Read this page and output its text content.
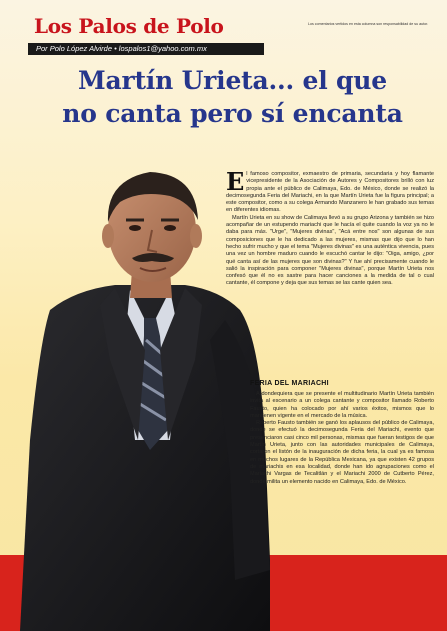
Los Palos de Polo	Los comentarios vertidos en esta columna son responsabilidad de su autor.
Por Polo López Alvirde • lospalos1@yahoo.com.mx
Martín Urieta... el que
no canta pero sí encanta
E l famoso compositor, exmaestro de primaria, secundaria y hoy flamante vicepresidente de la Asociación de Autores y Compositores brilló con luz propia ante el público de Calimaya, Edo. de México, donde se realizó la decimosegunda Feria del Mariachi, en la que Martín Urieta fue la figura principal; a este compositor, como a su colega Armando Manzanero le han grabado sus temas en diferentes idiomas.

Martín Urieta en su show de Calimaya llevó a su grupo Arizona y también se hizo acompañar de un estupendo mariachi que le hacía el quite cuando la voz ya no le daba para más. "Urge", "Mujeres divinas", "Acá entre nos" son algunas de sus composiciones que le ha dedicado a las mujeres, mismas que dijo que lo han hecho sufrir mucho y que el tema "Mujeres divinas" es una auténtica vivencia, pues una vez un hombre maduro cuando le escuchó cantar le dijo: "Oiga, amigo, ¿por qué canta así de las mujeres que son divinas?" Y fue ahí precisamente cuando le salió la inspiración para componer "Mujeres divinas", porque Martín Urieta nos confesó que él no es sastre para hacer canciones a la medida de tal o cual cantante, él compone y deja que sus temas se las cante quien sea.

FERIA DEL MARIACHI

A dondequiera que se presente el multitudinario Martín Urieta también invita al escenario a un colega cantante y compositor llamado Roberto Fausto, quien ha colocado por ahí varios éxitos, mismos que lo mantienen vigente en el mercado de la música.

Roberto Fausto también se ganó los aplausos del público de Calimaya, donde se efectuó la decimosegunda Feria del Mariachi, evento que presenciaron casi cinco mil personas, mismas que fueran testigos de que Martín Urieta, junto con las autoridades municipales de Calimaya, cortaron el listón de la inauguración de dicha feria, la cual ya es famosa en muchos lugares de la República Mexicana, ya que existen 42 grupos de mariachis en esa localidad, donde han ido agrupaciones como el Mariachi Vargas de Tecalitlán y el Mariachi 2000 de Cutberto Pérez, donde milita un elemento nacido en Calimaya, Edo. de México.
